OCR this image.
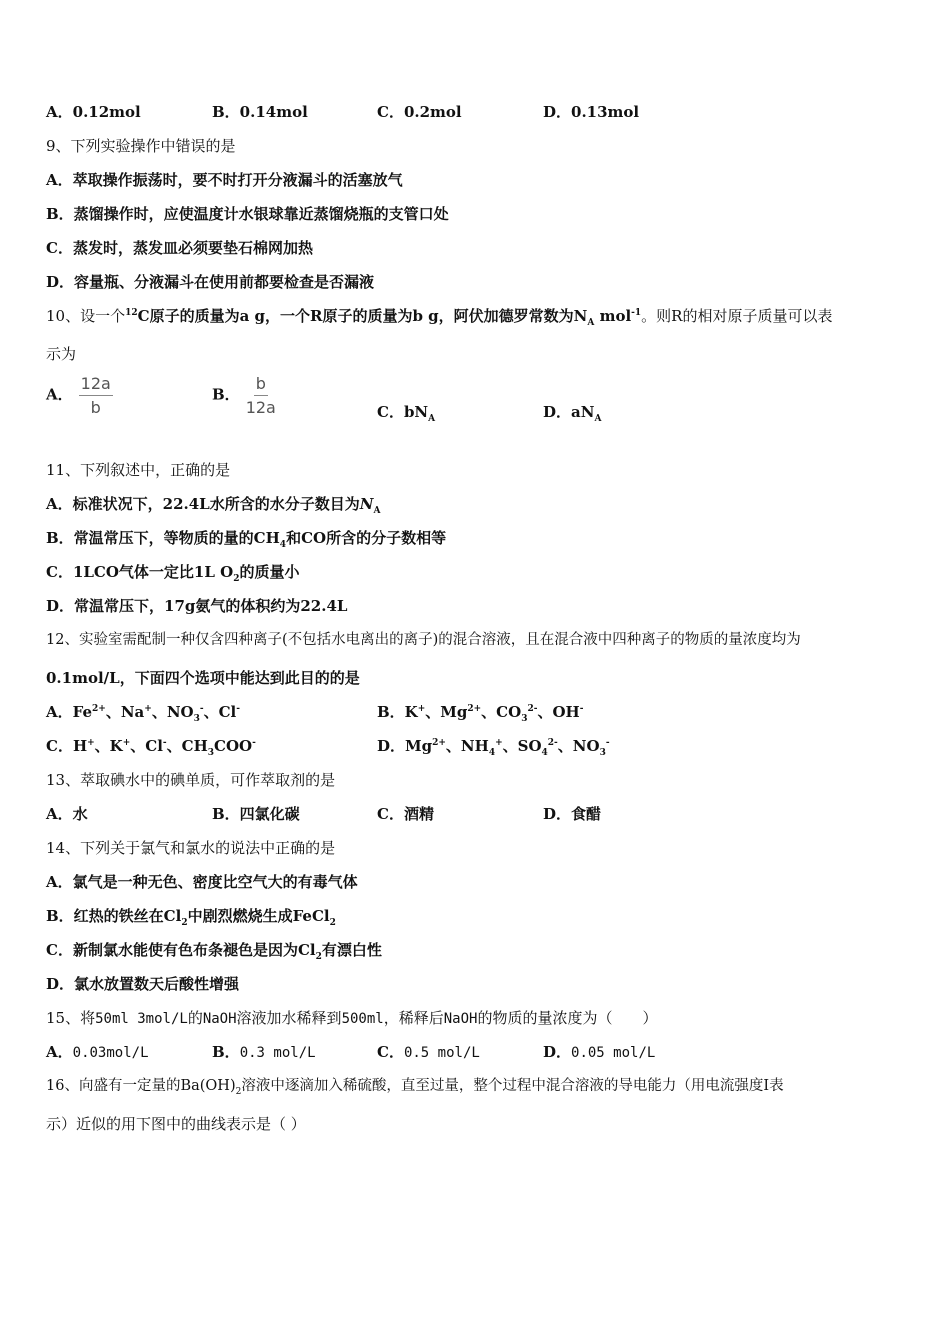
A．0.12mol	B．0.14mol	C．0.2mol	D．0.13mol
9、下列实验操作中错误的是
A．萃取操作振荡时，要不时打开分液漏斗的活塞放气
B．蒸馏操作时，应使温度计水银球靠近蒸馏烧瓶的支管口处
C．蒸发时，蒸发皿必须要垫石棉网加热
D．容量瓶、分液漏斗在使用前都要检查是否漏液
10、设一个$^{12}$C原子的质量为a g，一个R原子的质量为b g，阿伏加德罗常数为$N_A$ mol$^{-1}$。则R的相对原子质量可以表
示为
A． $\frac{12a}{b}$	B． $\frac{b}{12a}$	C．$bN_A$	D．$aN_A$
11、下列叙述中，正确的是
A．标准状况下，22.4L水所含的水分子数目为$N_A$
B．常温常压下，等物质的量的$CH_4$和CO所含的分子数相等
C．1LCO气体一定比1L $O_2$的质量小
D．常温常压下，17g氨气的体积约为22.4L
12、实验室需配制一种仅含四种离子(不包括水电离出的离子)的混合溶液，且在混合液中四种离子的物质的量浓度均为
0.1mol/L，下面四个选项中能达到此目的的是
A．$Fe^{2+}$、Na+、$NO_3^-$、Cl-	B．K+、$Mg^{2+}$、$CO_3^{2-}$、OH-
C．H+、K+、Cl-、$CH_3COO^-$	D．$Mg^{2+}$、$NH_4^+$、$SO_4^{2-}$、$NO_3^-$
13、萃取碘水中的碘单质，可作萃取剂的是
A．水	B．四氯化碳	C．酒精	D．食醋
14、下列关于氯气和氯水的说法中正确的是
A．氯气是一种无色、密度比空气大的有毒气体
B．红热的铁丝在$Cl_2$中剧烈燃烧生成FeCl$_2$
C．新制氯水能使有色布条褪色是因为$Cl_2$有漂白性
D．氯水放置数天后酸性增强
15、将50ml 3mol/L的NaOH溶液加水稀释到500ml，稀释后NaOH的物质的量浓度为（　　）
A．0.03mol/L	B．0.3 mol/L	C．0.5 mol/L	D．0.05 mol/L
16、向盛有一定量的$Ba(OH)_2$溶液中逐滴加入稀硫酸，直至过量，整个过程中混合溶液的导电能力（用电流强度I表
示）近似的用下图中的曲线表示是（ ）
